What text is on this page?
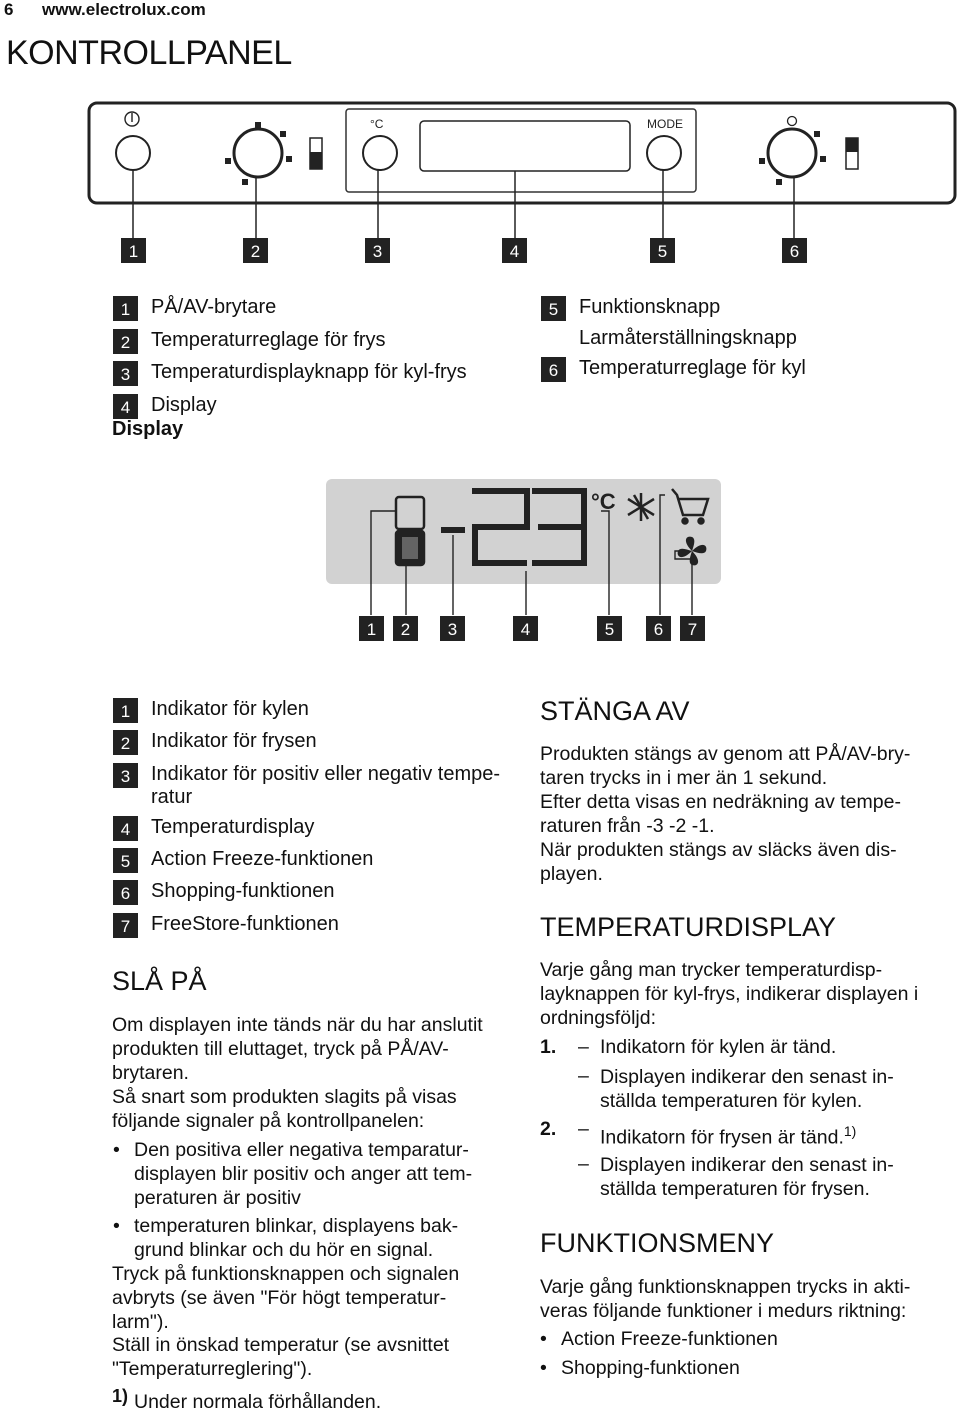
6 www.electrolux.com
KONTROLLPANEL
°C	MODE
1	2	3	4	5	6
1	PÅ/AV-brytare
2	Temperaturreglage för frys
3	Temperaturdisplayknapp för kyl-frys
4	Display
5	Funktionsknapp
Larmåterställningsknapp
6	Temperaturreglage för kyl
Display
°C
1	2	3	4	5	6	7
1	Indikator för kylen
2	Indikator för frysen
3	Indikator för positiv eller negativ tempe-
ratur
4	Temperaturdisplay
5	Action Freeze-funktionen
6	Shopping-funktionen
7	FreeStore-funktionen
SLÅ PÅ

Om displayen inte tänds när du har anslutit

produkten till eluttaget, tryck på PÅ/AV-

brytaren.

Så snart som produkten slagits på visas

följande signaler på kontrollpanelen:

• Den positiva eller negativa temparatur-
displayen blir positiv och anger att tem-
peraturen är positiv
• temperaturen blinkar, displayens bak-
grund blinkar och du hör en signal.

Tryck på funktionsknappen och signalen

avbryts (se även "För högt temperatur-

larm").

Ställ in önskad temperatur (se avsnittet

"Temperaturreglering").

1) Under normala förhållanden.
STÄNGA AV

Produkten stängs av genom att PÅ/AV-bry-

taren trycks in i mer än 1 sekund.

Efter detta visas en nedräkning av tempe-

raturen från -3 -2 -1.

När produkten stängs av släcks även dis-

playen.

TEMPERATURDISPLAY

Varje gång man trycker temperaturdisp-

layknappen för kyl-frys, indikerar displayen i

ordningsföljd:

1. – Indikatorn för kylen är tänd.
– Displayen indikerar den senast in-

ställda temperaturen för kylen.

2. – Indikatorn för frysen är tänd.$^{1)}$
– Displayen indikerar den senast in-

ställda temperaturen för frysen.

FUNKTIONSMENY

Varje gång funktionsknappen trycks in akti-

veras följande funktioner i medurs riktning:

• Action Freeze-funktionen
• Shopping-funktionen
